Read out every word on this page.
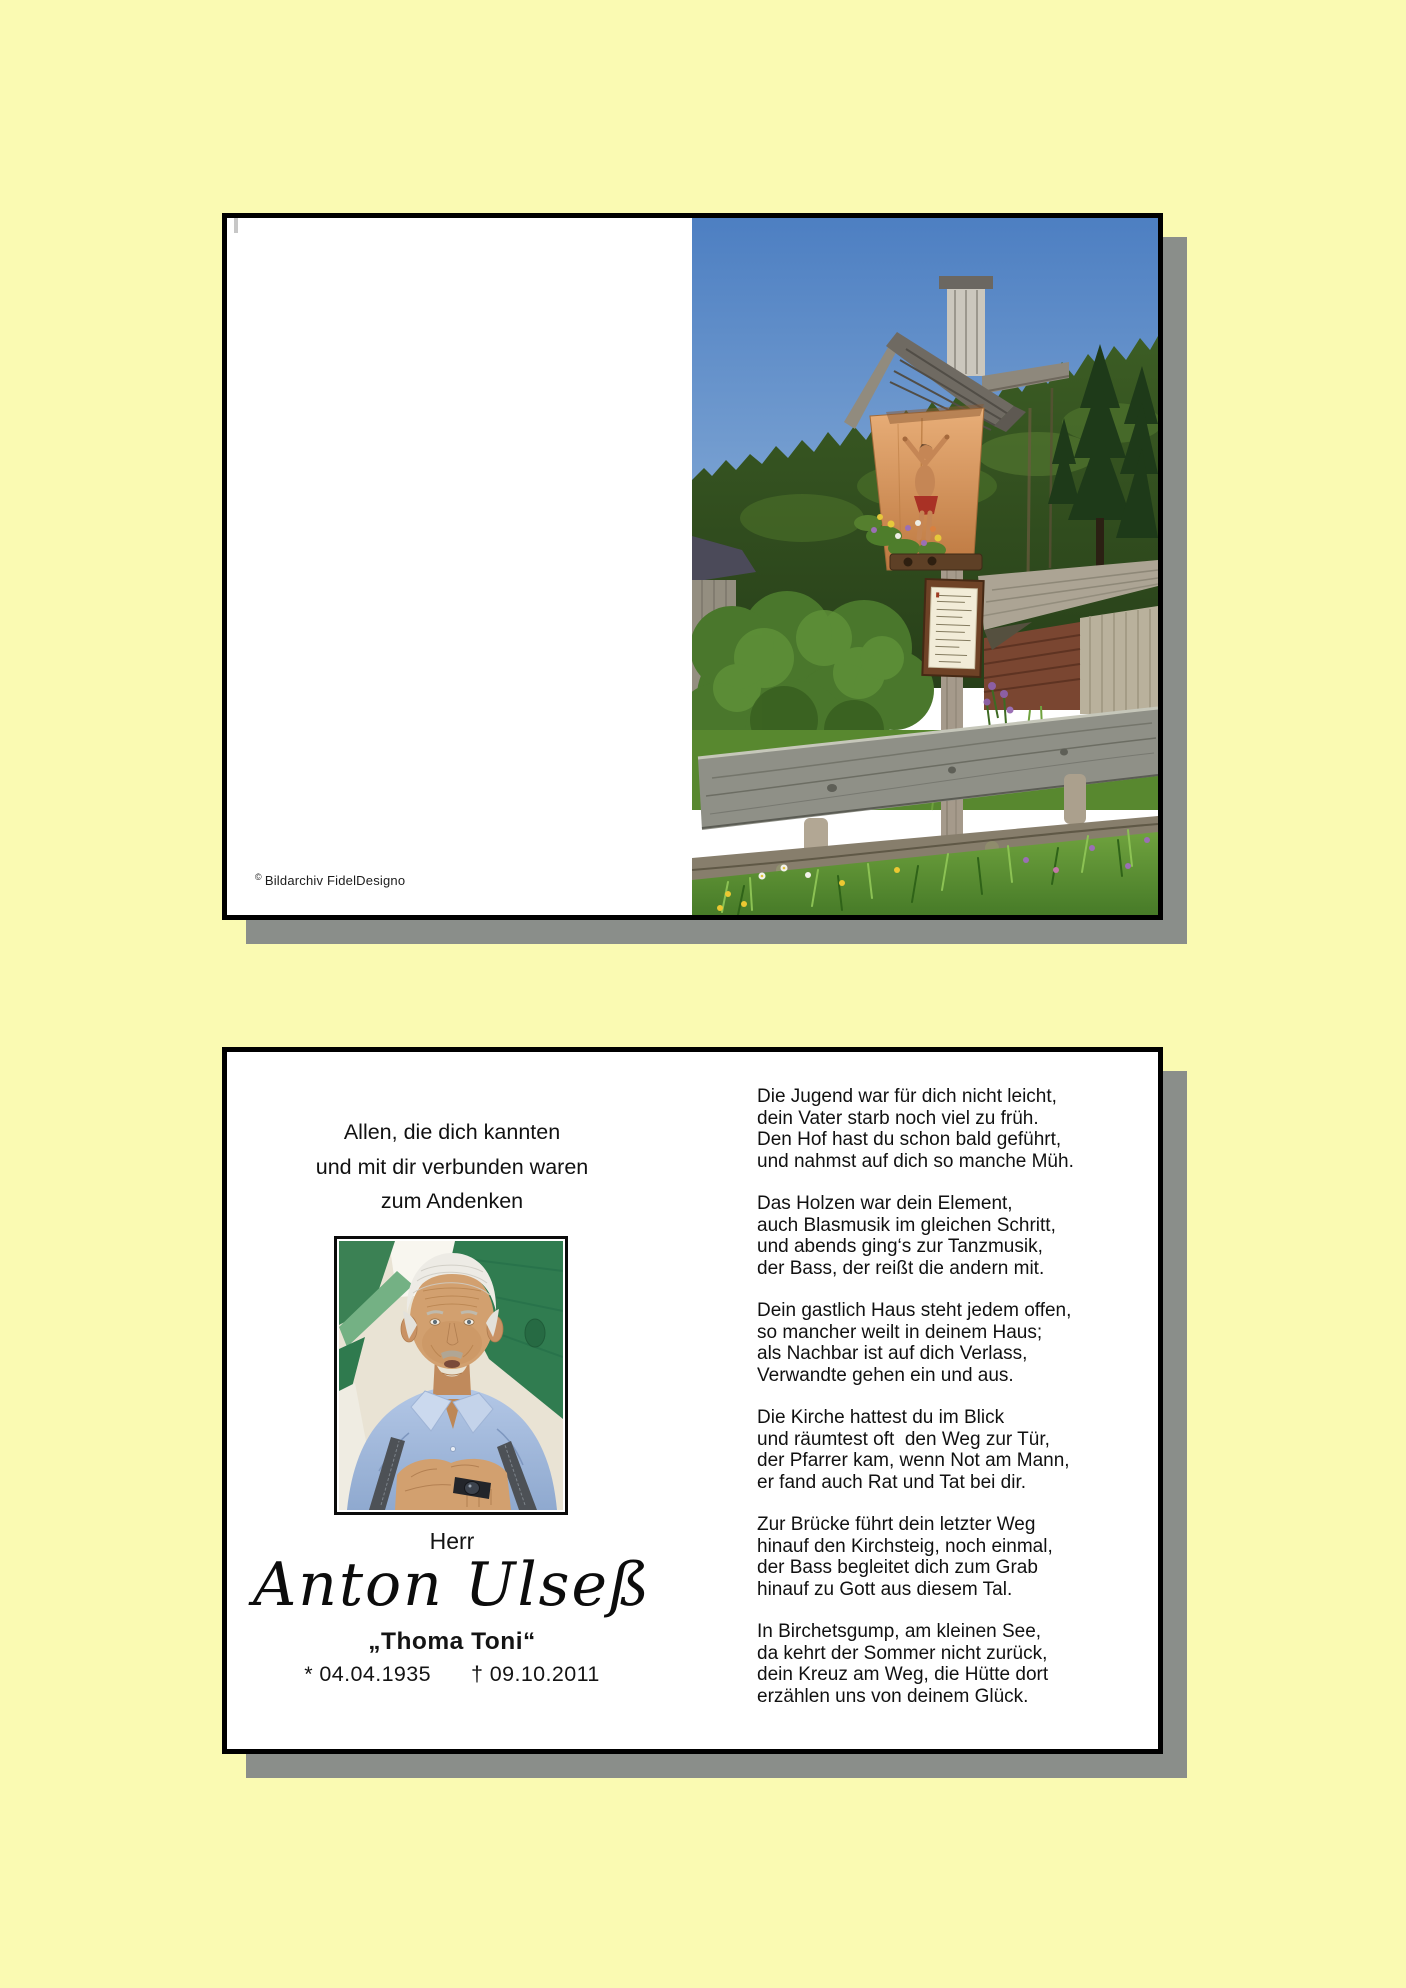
© Bildarchiv FidelDesigno
Allen, die dich kannten
und mit dir verbunden waren
zum Andenken
Herr
Anton Ulseß
„Thoma Toni“
* 04.04.1935 † 09.10.2011
Die Jugend war für dich nicht leicht,
dein Vater starb noch viel zu früh.
Den Hof hast du schon bald geführt,
und nahmst auf dich so manche Müh.
Das Holzen war dein Element,
auch Blasmusik im gleichen Schritt,
und abends ging‘s zur Tanzmusik,
der Bass, der reißt die andern mit.
Dein gastlich Haus steht jedem offen,
so mancher weilt in deinem Haus;
als Nachbar ist auf dich Verlass,
Verwandte gehen ein und aus.
Die Kirche hattest du im Blick
und räumtest oft  den Weg zur Tür,
der Pfarrer kam, wenn Not am Mann,
er fand auch Rat und Tat bei dir.
Zur Brücke führt dein letzter Weg
hinauf den Kirchsteig, noch einmal,
der Bass begleitet dich zum Grab
hinauf zu Gott aus diesem Tal.
In Birchetsgump, am kleinen See,
da kehrt der Sommer nicht zurück,
dein Kreuz am Weg, die Hütte dort
erzählen uns von deinem Glück.
